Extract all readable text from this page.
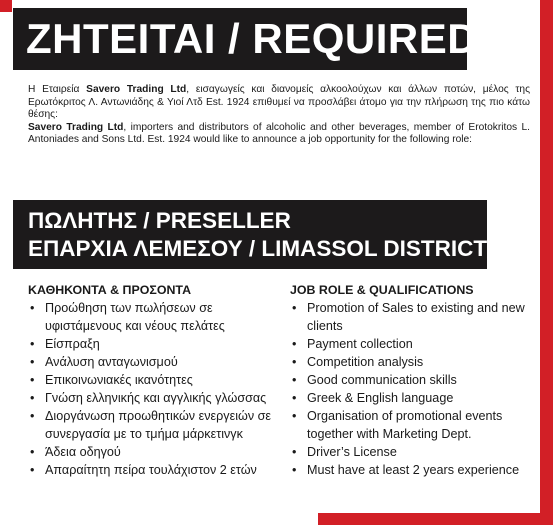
ΖΗΤΕΙΤΑΙ / REQUIRED

Η Εταιρεία Savero Trading Ltd, εισαγωγείς και διανομείς αλκοολούχων και άλλων ποτών, μέλος της Ερωτόκριτος Λ. Αντωνιάδης & Υιοί Λτδ Est. 1924 επιθυμεί να προσλάβει άτομο για την πλήρωση της πιο κάτω θέσης:

Savero Trading Ltd, importers and distributors of alcoholic and other beverages, member of Erotokritos L. Antoniades and Sons Ltd. Est. 1924 would like to announce a job opportunity for the following role:

ΠΩΛΗΤΗΣ / PRESELLER
ΕΠΑΡΧΙΑ ΛΕΜΕΣΟΥ / LIMASSOL DISTRICT
ΚΑΘΗΚΟΝΤΑ & ΠΡΟΣΟΝΤΑ
• Προώθηση των πωλήσεων σε υφιστάμενους και νέους πελάτες
• Είσπραξη
• Ανάλυση ανταγωνισμού
• Επικοινωνιακές ικανότητες
• Γνώση ελληνικής και αγγλικής γλώσσας
• Διοργάνωση προωθητικών ενεργειών σε συνεργασία με το τμήμα μάρκετινγκ
• Άδεια οδηγού
• Απαραίτητη πείρα τουλάχιστον 2 ετών
JOB ROLE & QUALIFICATIONS
• Promotion of Sales to existing and new clients
• Payment collection
• Competition analysis
• Good communication skills
• Greek & English language
• Organisation of promotional events together with Marketing Dept.
• Driver’s License
• Must have at least 2 years experience
